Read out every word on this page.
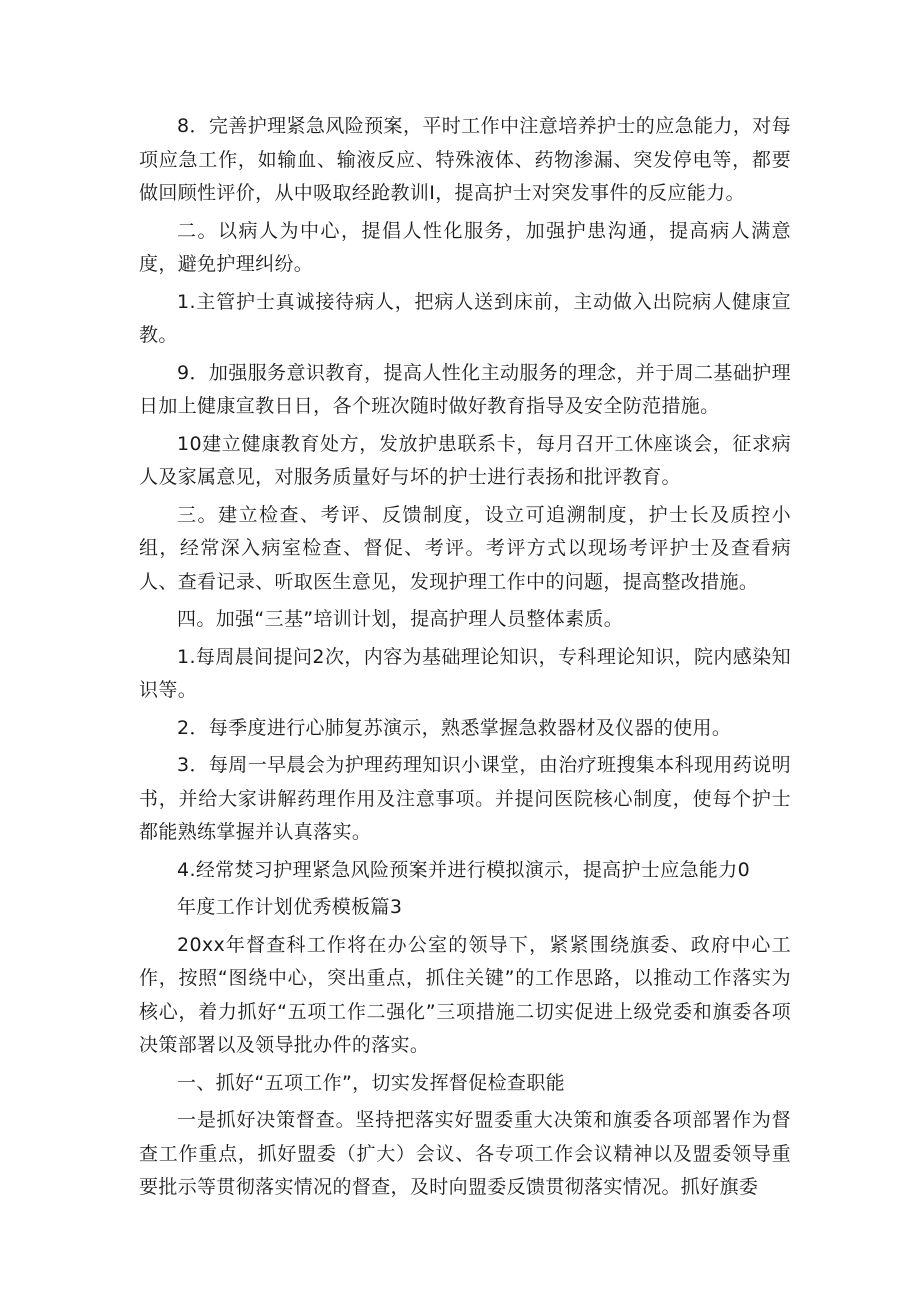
8．完善护理紧急风险预案，平时工作中注意培养护士的应急能力，对每项应急工作，如输血、输液反应、特殊液体、药物渗漏、突发停电等，都要做回顾性评价，从中吸取经跄教训I，提高护士对突发事件的反应能力。

二。以病人为中心，提倡人性化服务，加强护患沟通，提高病人满意度，避免护理纠纷。

1.主管护士真诚接待病人，把病人送到床前，主动做入出院病人健康宣教。

9．加强服务意识教育，提高人性化主动服务的理念，并于周二基础护理日加上健康宣教日日，各个班次随时做好教育指导及安全防范措施。

10建立健康教育处方，发放护患联系卡，每月召开工休座谈会，征求病人及家属意见，对服务质量好与坏的护士进行表扬和批评教育。

三。建立检查、考评、反馈制度，设立可追溯制度，护士长及质控小组，经常深入病室检查、督促、考评。考评方式以现场考评护士及查看病人、查看记录、听取医生意见，发现护理工作中的问题，提高整改措施。

四。加强“三基”培训计划，提高护理人员整体素质。

1.每周晨间提问2次，内容为基础理论知识，专科理论知识，院内感染知识等。

2．每季度进行心肺复苏演示，熟悉掌握急救器材及仪器的使用。

3．每周一早晨会为护理药理知识小课堂，由治疗班搜集本科现用药说明书，并给大家讲解药理作用及注意事项。并提问医院核心制度，使每个护士都能熟练掌握并认真落实。

4.经常焚习护理紧急风险预案并进行模拟演示，提高护士应急能力0

年度工作计划优秀模板篇3

20xx年督查科工作将在办公室的领导下，紧紧围绕旗委、政府中心工作，按照“图绕中心，突出重点，抓住关键”的工作思路，以推动工作落实为核心，着力抓好“五项工作二强化”三项措施二切实促进上级党委和旗委各项决策部署以及领导批办件的落实。

一、抓好“五项工作”，切实发挥督促检查职能

一是抓好决策督查。坚持把落实好盟委重大决策和旗委各项部署作为督查工作重点，抓好盟委（扩大）会议、各专项工作会议精神以及盟委领导重要批示等贯彻落实情况的督查，及时向盟委反馈贯彻落实情况。抓好旗委
